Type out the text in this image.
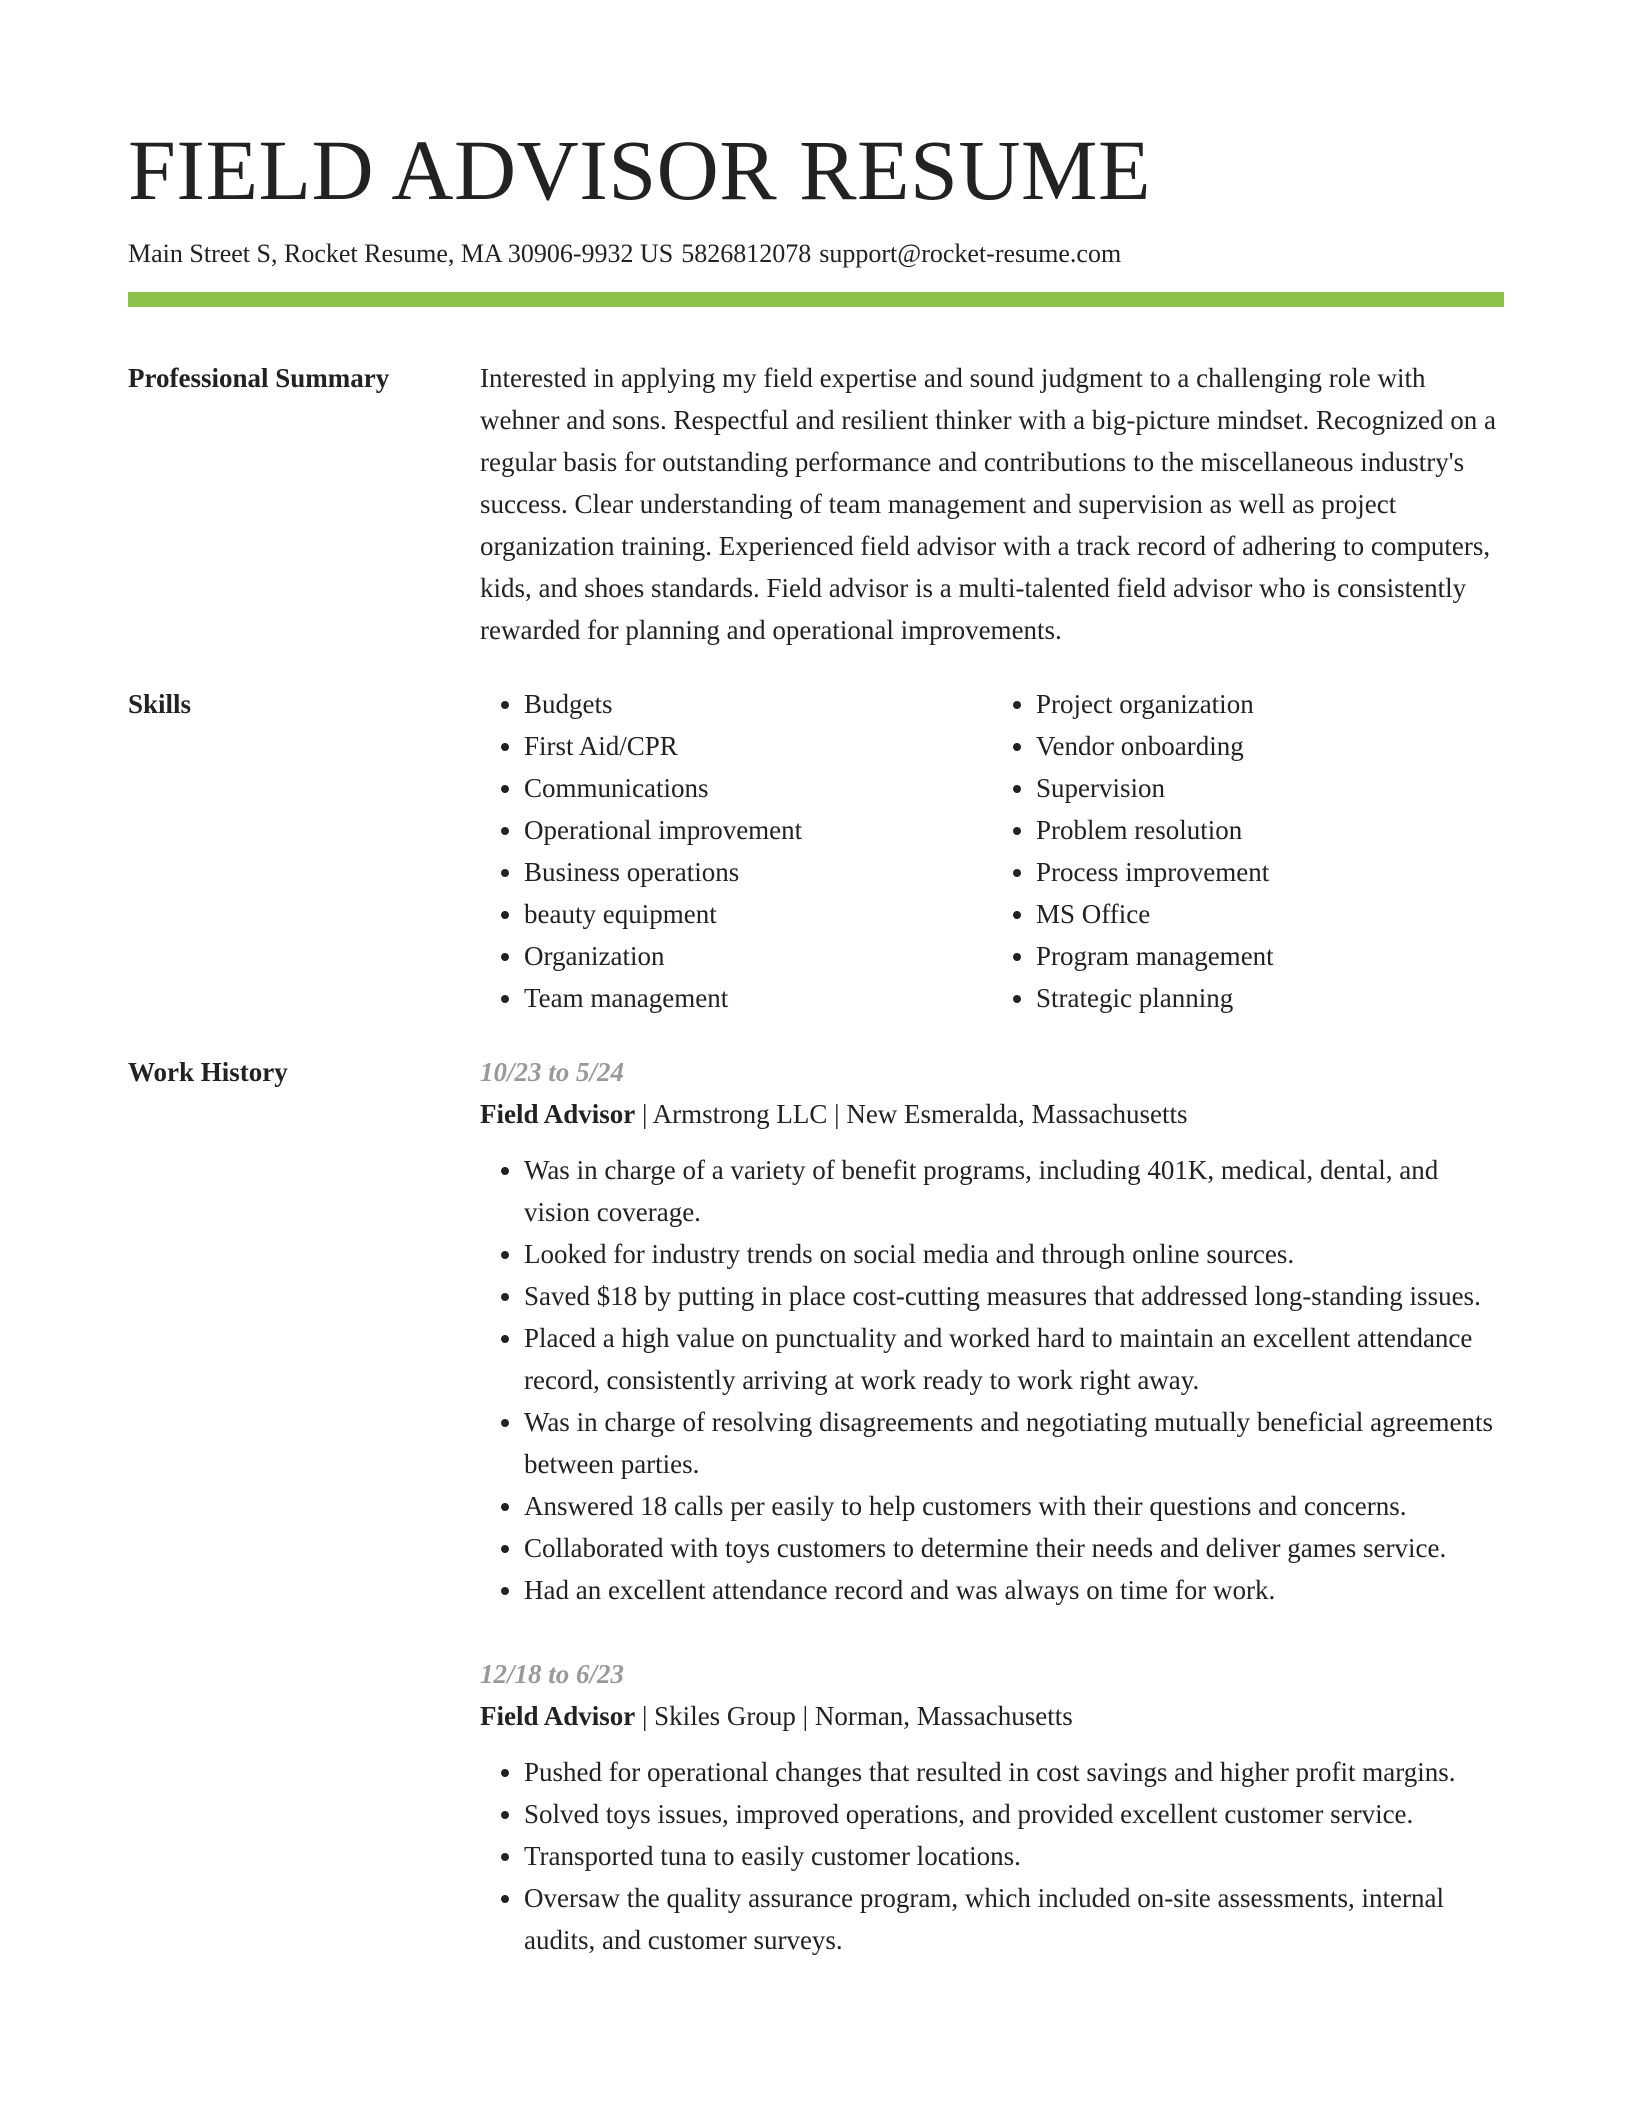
FIELD ADVISOR RESUME
Main Street S, Rocket Resume, MA 30906-9932 US 5826812078 support@rocket-resume.com
Professional Summary	Interested in applying my field expertise and sound judgment to a challenging role with wehner and sons. Respectful and resilient thinker with a big-picture mindset. Recognized on a regular basis for outstanding performance and contributions to the miscellaneous industry's success. Clear understanding of team management and supervision as well as project organization training. Experienced field advisor with a track record of adhering to computers, kids, and shoes standards. Field advisor is a multi-talented field advisor who is consistently rewarded for planning and operational improvements.
Skills
•	Budgets
• First Aid/CPR
• Communications
• Operational improvement
• Business operations
• beauty equipment
• Organization
• Team management
• Project organization
• Vendor onboarding
• Supervision
• Problem resolution
• Process improvement
• MS Office
• Program management
• Strategic planning
Work History	10/23 to 5/24
Field Advisor | Armstrong LLC | New Esmeralda, Massachusetts
• Was in charge of a variety of benefit programs, including 401K, medical, dental, and vision coverage.
• Looked for industry trends on social media and through online sources.
• Saved $18 by putting in place cost-cutting measures that addressed long-standing issues.
• Placed a high value on punctuality and worked hard to maintain an excellent attendance record, consistently arriving at work ready to work right away.
• Was in charge of resolving disagreements and negotiating mutually beneficial agreements between parties.
• Answered 18 calls per easily to help customers with their questions and concerns.
• Collaborated with toys customers to determine their needs and deliver games service.
• Had an excellent attendance record and was always on time for work.
12/18 to 6/23
Field Advisor | Skiles Group | Norman, Massachusetts
• Pushed for operational changes that resulted in cost savings and higher profit margins.
• Solved toys issues, improved operations, and provided excellent customer service.
• Transported tuna to easily customer locations.
• Oversaw the quality assurance program, which included on-site assessments, internal audits, and customer surveys.
